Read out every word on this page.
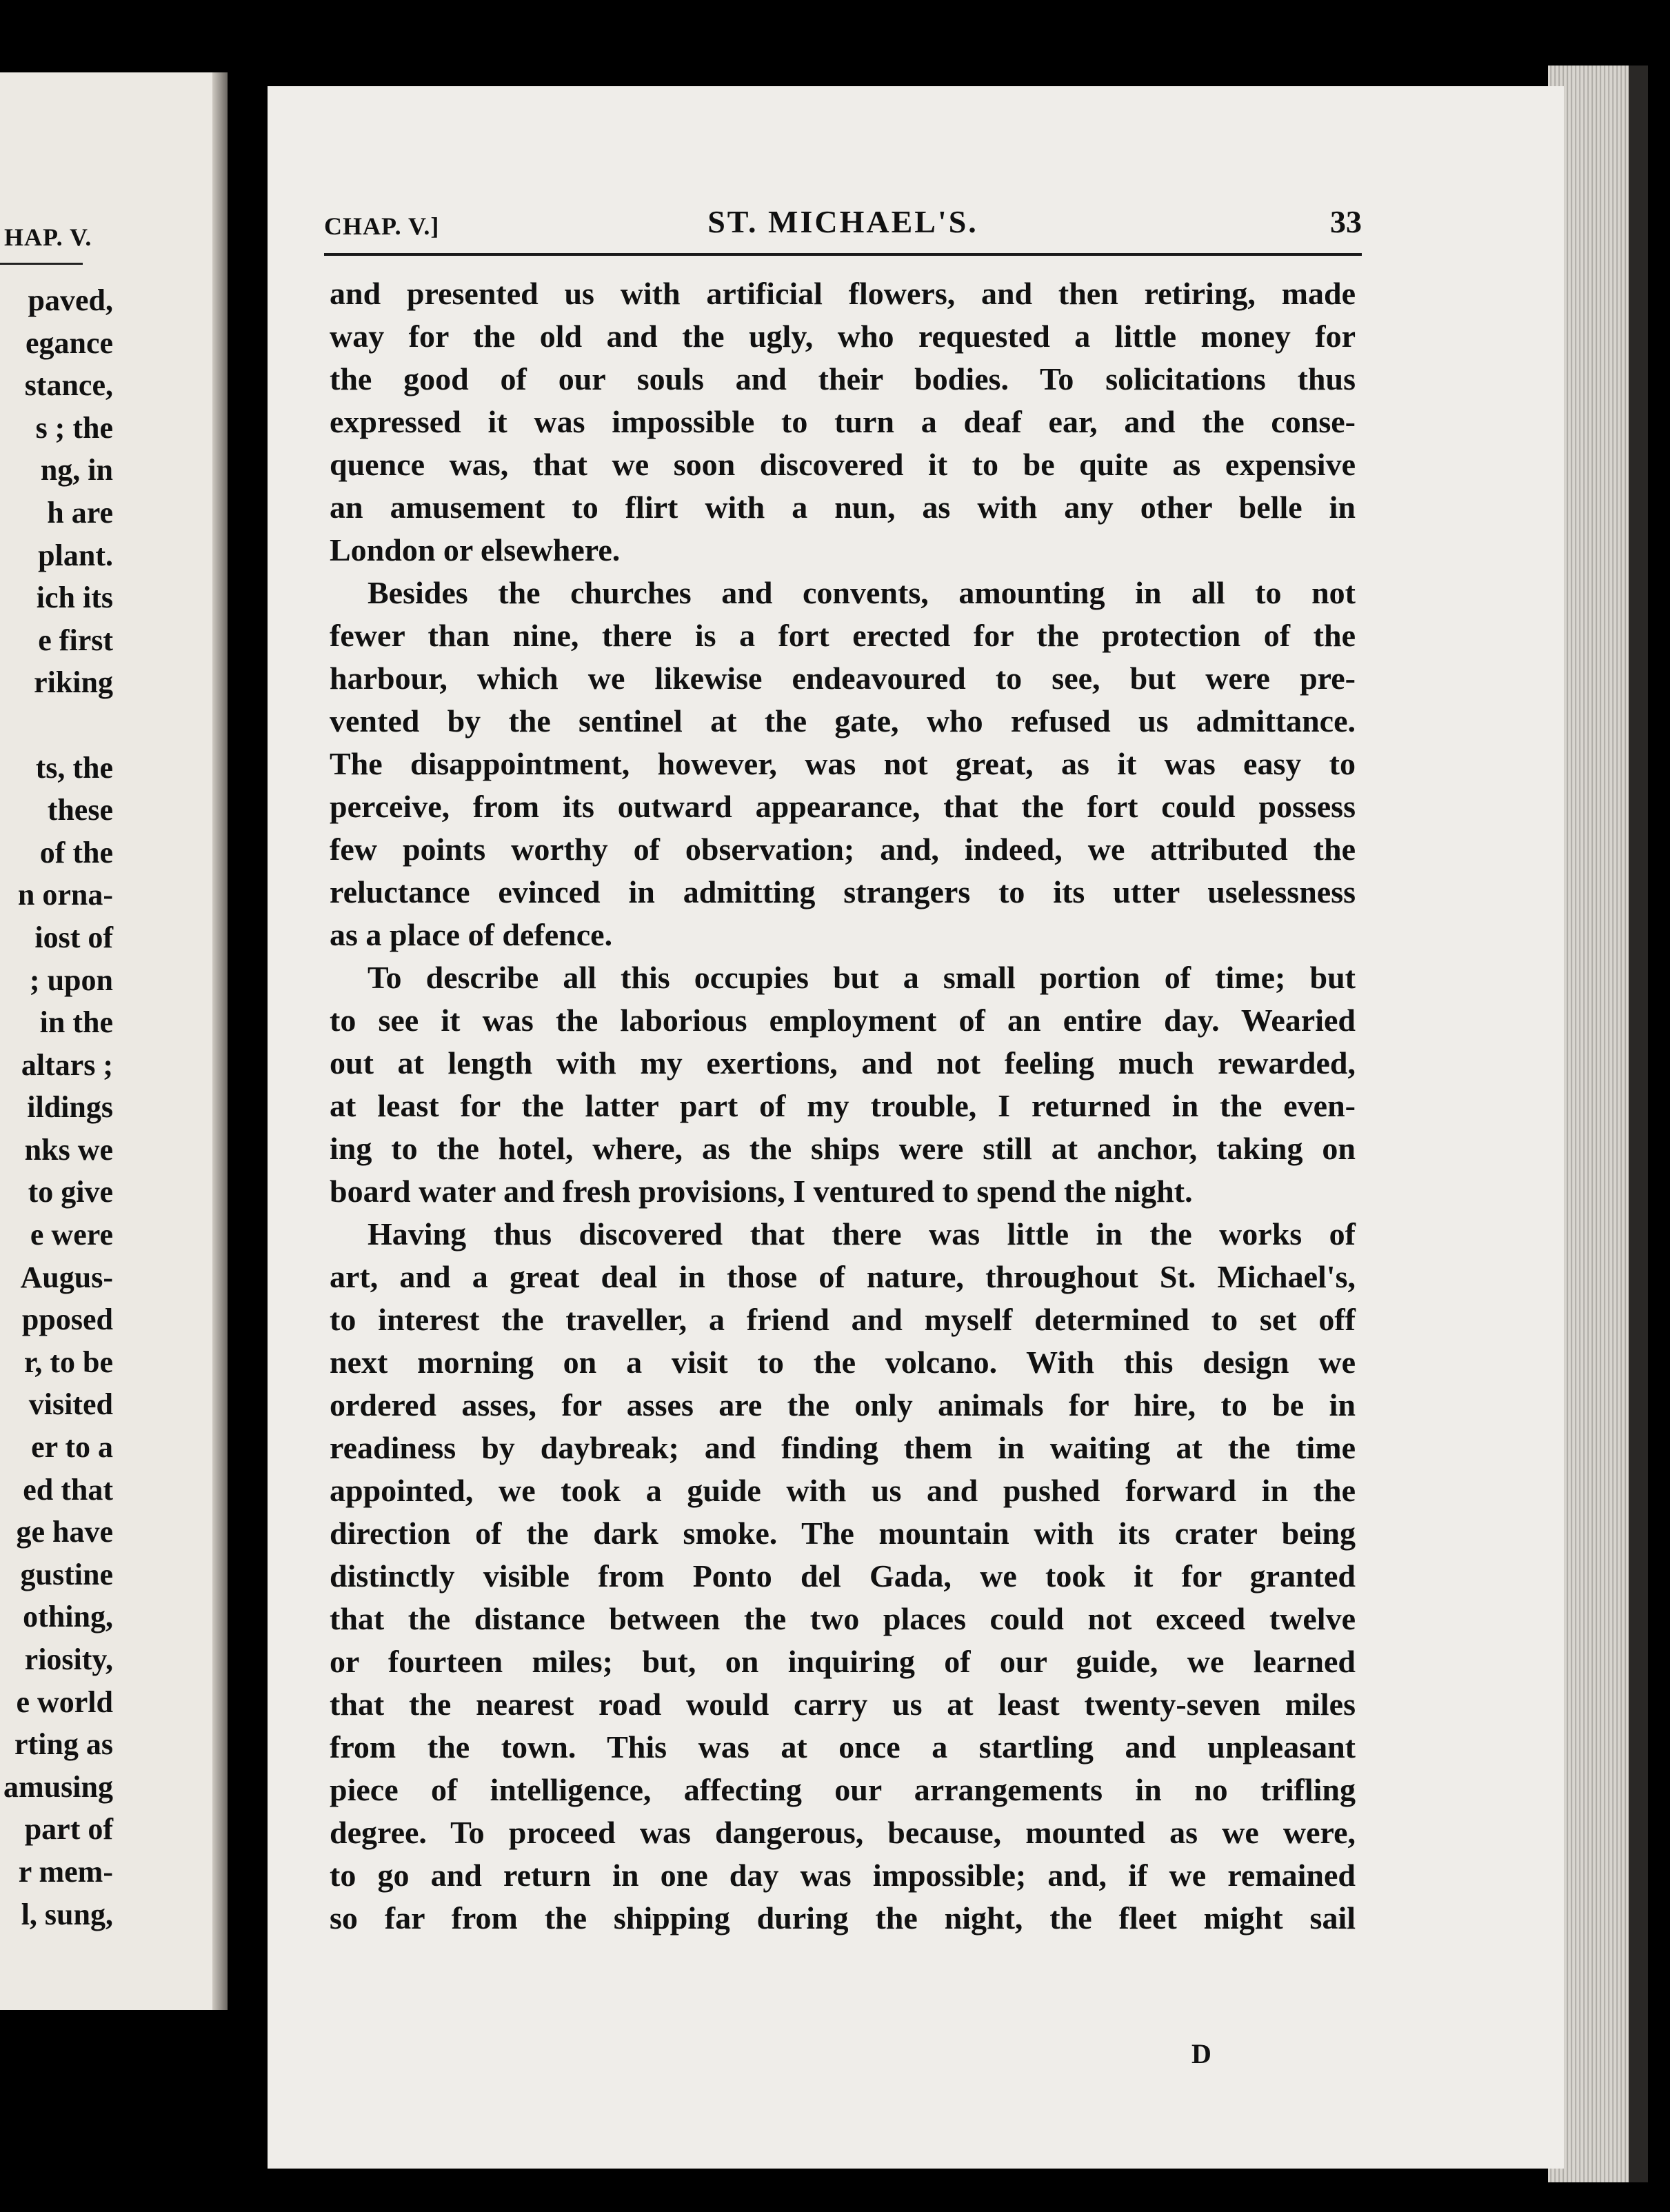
HAP. V.
paved,
egance
stance,
s ; the
ng, in
h are
plant.
ich its
e first
riking
ts, the
these
of the
n orna-
iost of
; upon
in the
altars ;
ildings
nks we
to give
e were
Augus-
pposed
r, to be
visited
er to a
ed that
ge have
gustine
othing,
riosity,
e world
rting as
amusing
part of
r mem-
l, sung,
CHAP. V.]	ST. MICHAEL'S.	33
and presented us with artificial flowers, and then retiring, made
way for the old and the ugly, who requested a little money for
the good of our souls and their bodies. To solicitations thus
expressed it was impossible to turn a deaf ear, and the conse-
quence was, that we soon discovered it to be quite as expensive
an amusement to flirt with a nun, as with any other belle in
London or elsewhere.
Besides the churches and convents, amounting in all to not
fewer than nine, there is a fort erected for the protection of the
harbour, which we likewise endeavoured to see, but were pre-
vented by the sentinel at the gate, who refused us admittance.
The disappointment, however, was not great, as it was easy to
perceive, from its outward appearance, that the fort could possess
few points worthy of observation; and, indeed, we attributed the
reluctance evinced in admitting strangers to its utter uselessness
as a place of defence.
To describe all this occupies but a small portion of time; but
to see it was the laborious employment of an entire day. Wearied
out at length with my exertions, and not feeling much rewarded,
at least for the latter part of my trouble, I returned in the even-
ing to the hotel, where, as the ships were still at anchor, taking on
board water and fresh provisions, I ventured to spend the night.
Having thus discovered that there was little in the works of
art, and a great deal in those of nature, throughout St. Michael's,
to interest the traveller, a friend and myself determined to set off
next morning on a visit to the volcano. With this design we
ordered asses, for asses are the only animals for hire, to be in
readiness by daybreak; and finding them in waiting at the time
appointed, we took a guide with us and pushed forward in the
direction of the dark smoke. The mountain with its crater being
distinctly visible from Ponto del Gada, we took it for granted
that the distance between the two places could not exceed twelve
or fourteen miles; but, on inquiring of our guide, we learned
that the nearest road would carry us at least twenty-seven miles
from the town. This was at once a startling and unpleasant
piece of intelligence, affecting our arrangements in no trifling
degree. To proceed was dangerous, because, mounted as we were,
to go and return in one day was impossible; and, if we remained
so far from the shipping during the night, the fleet might sail
D
